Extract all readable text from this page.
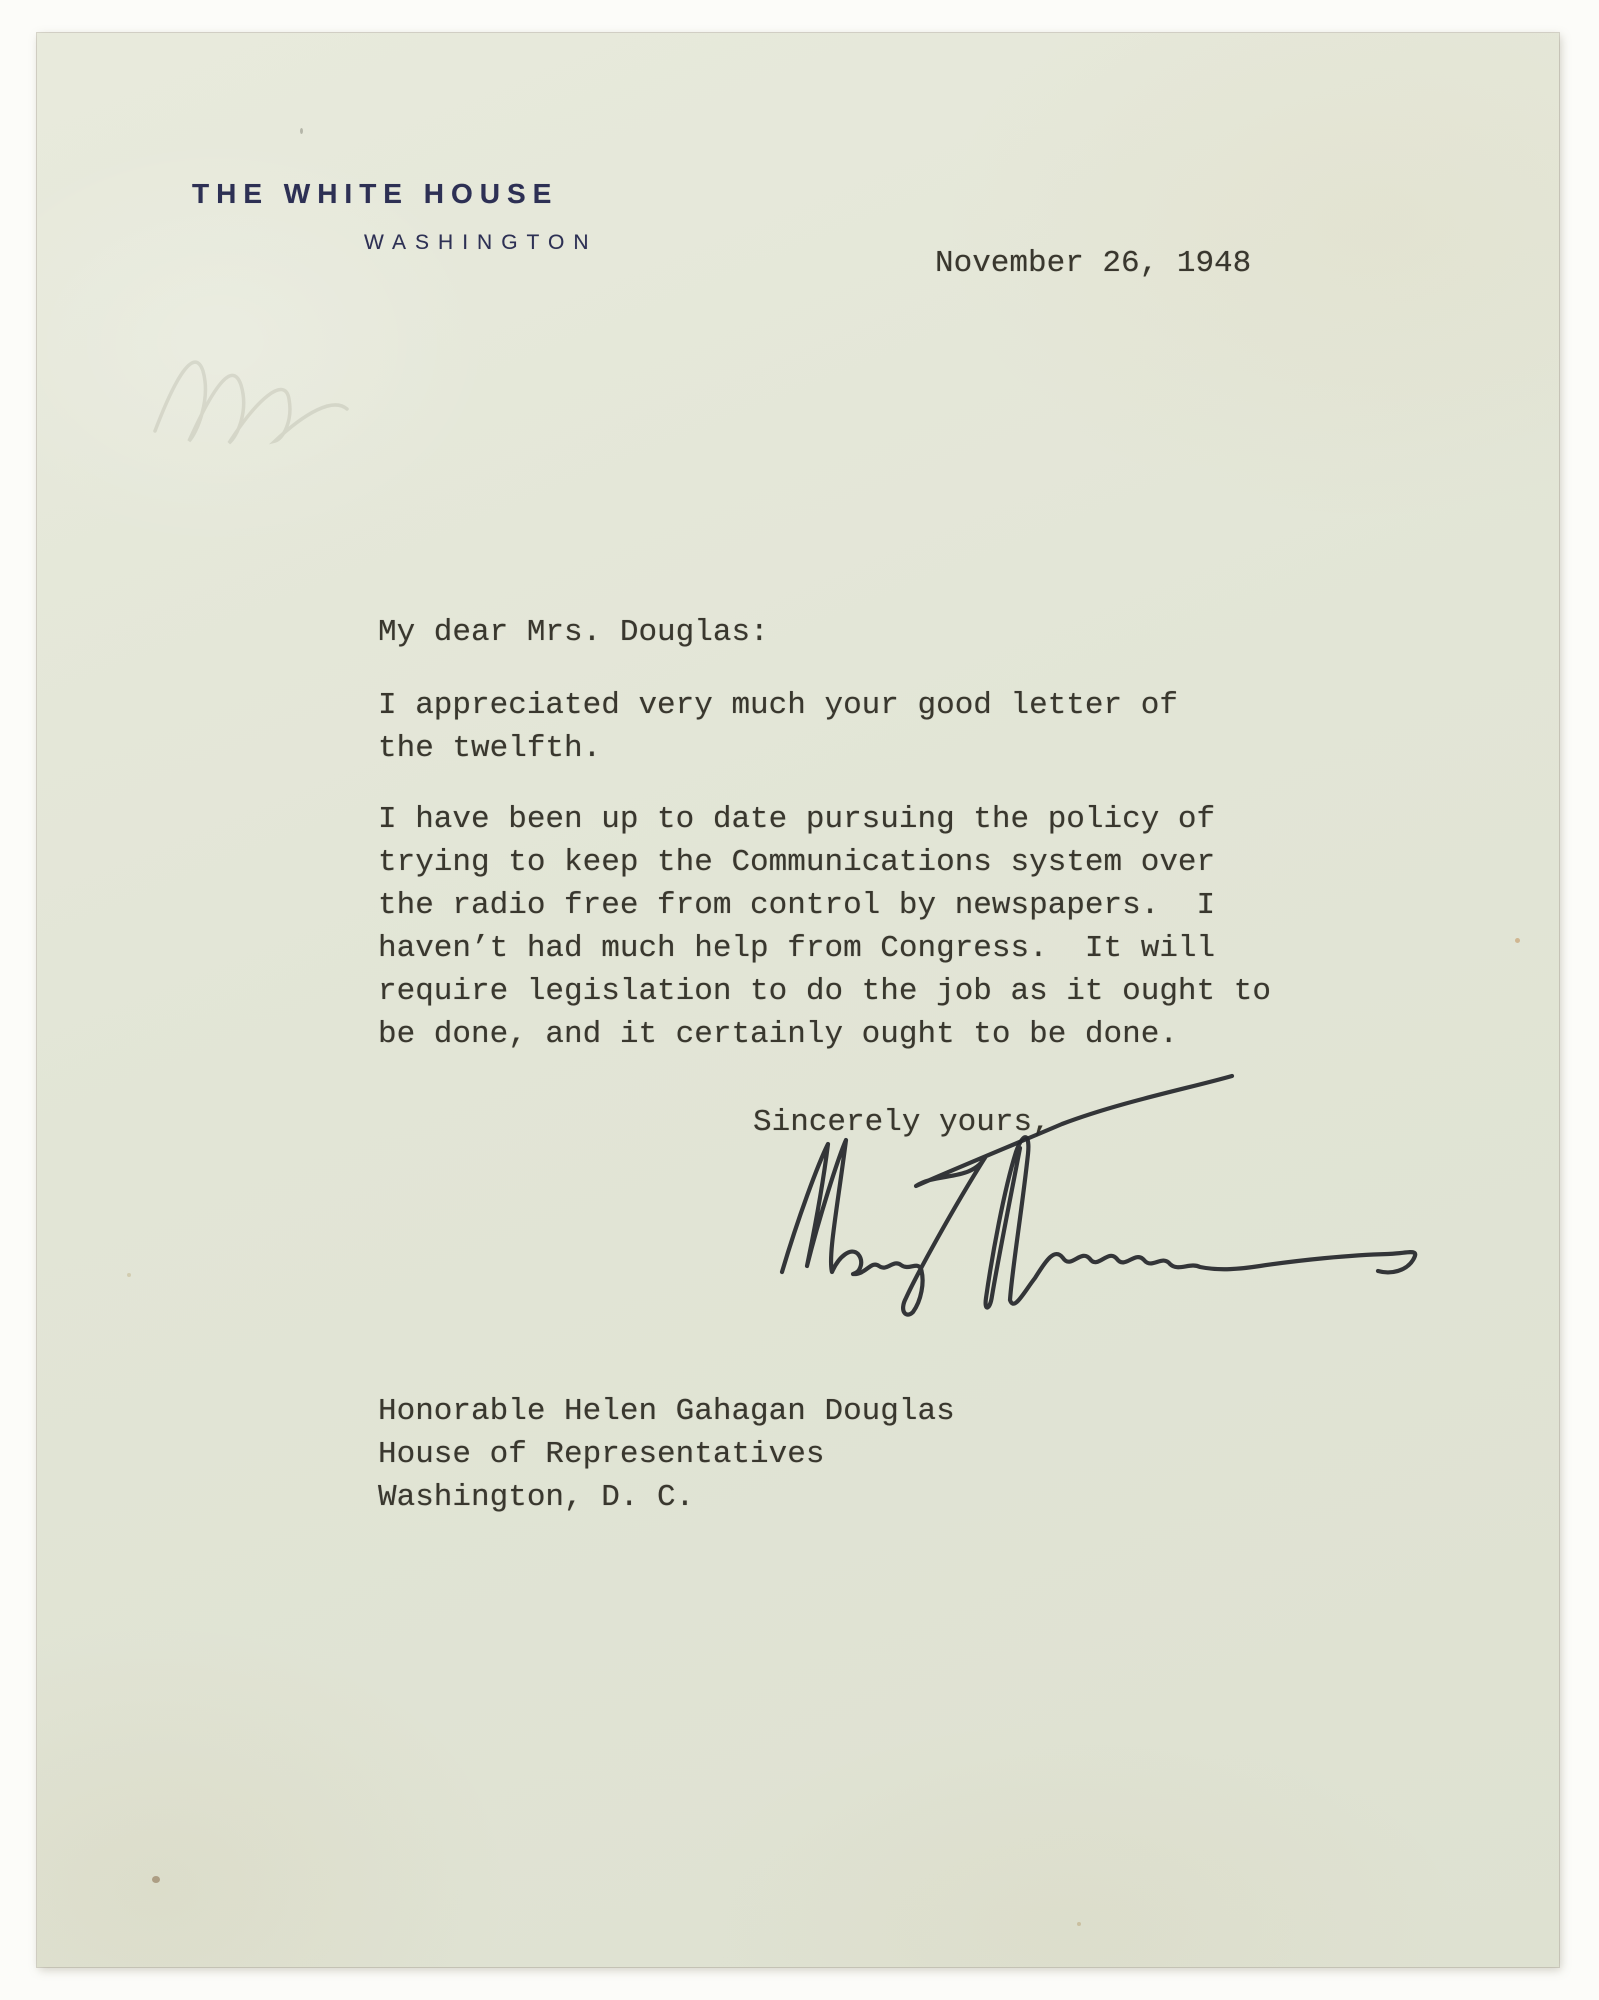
THE WHITE HOUSE
WASHINGTON
November 26, 1948
My dear Mrs. Douglas:
I appreciated very much your good letter of
the twelfth.
I have been up to date pursuing the policy of
trying to keep the Communications system over
the radio free from control by newspapers.  I
haven’t had much help from Congress.  It will
require legislation to do the job as it ought to
be done, and it certainly ought to be done.
Sincerely yours,
Honorable Helen Gahagan Douglas
House of Representatives
Washington, D. C.
